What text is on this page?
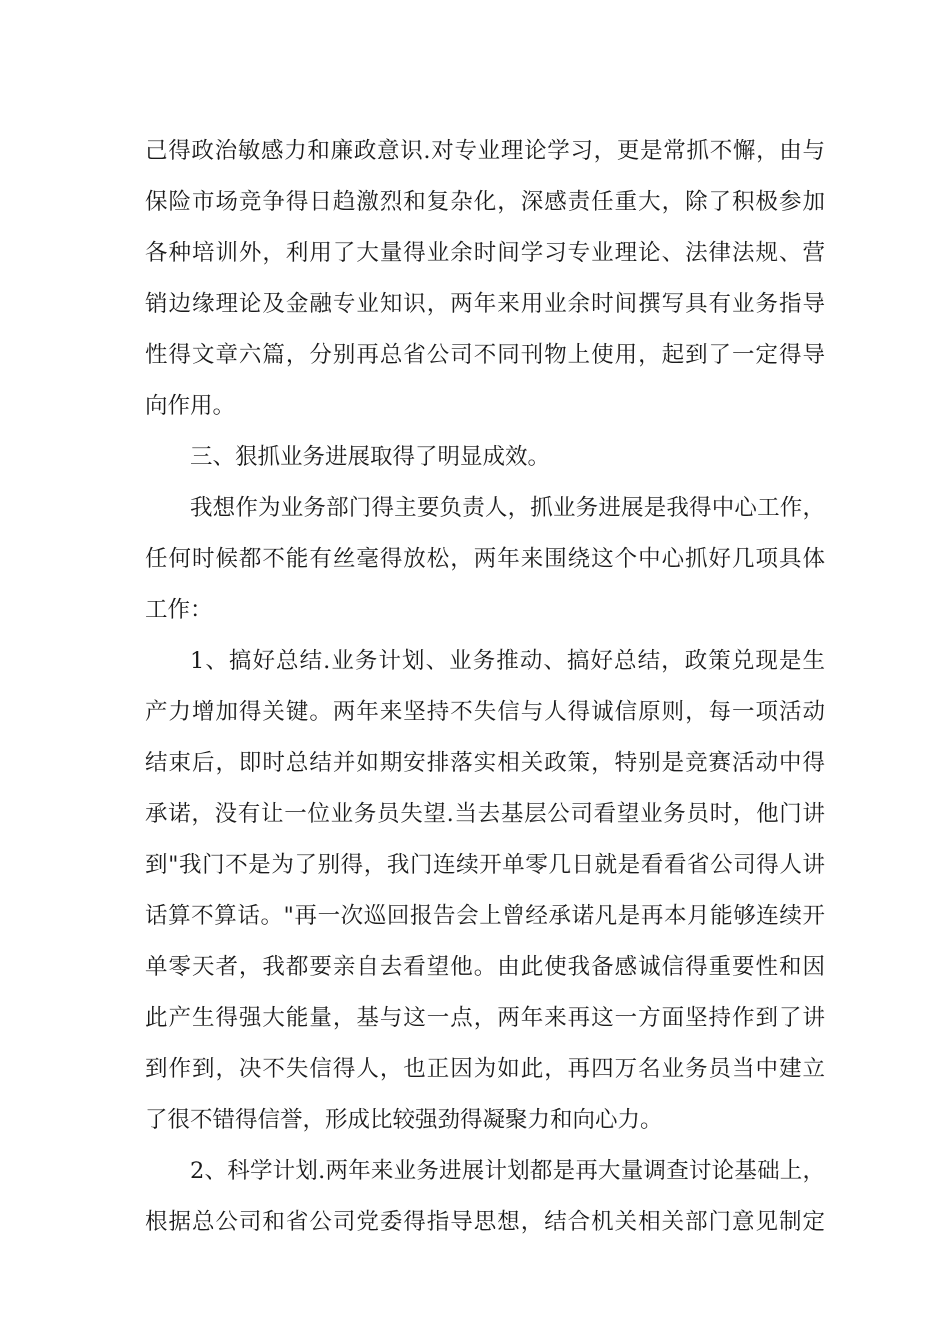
己得政治敏感力和廉政意识.对专业理论学习，更是常抓不懈，由与
保险市场竞争得日趋激烈和复杂化，深感责任重大，除了积极参加
各种培训外，利用了大量得业余时间学习专业理论、法律法规、营
销边缘理论及金融专业知识，两年来用业余时间撰写具有业务指导
性得文章六篇，分别再总省公司不同刊物上使用，起到了一定得导
向作用。
三、狠抓业务进展取得了明显成效。
我想作为业务部门得主要负责人，抓业务进展是我得中心工作，
任何时候都不能有丝毫得放松，两年来围绕这个中心抓好几项具体
工作：
1、搞好总结.业务计划、业务推动、搞好总结，政策兑现是生
产力增加得关键。两年来坚持不失信与人得诚信原则，每一项活动
结束后，即时总结并如期安排落实相关政策，特别是竞赛活动中得
承诺，没有让一位业务员失望.当去基层公司看望业务员时，他门讲
到"我门不是为了别得，我门连续开单零几日就是看看省公司得人讲
话算不算话。"再一次巡回报告会上曾经承诺凡是再本月能够连续开
单零天者，我都要亲自去看望他。由此使我备感诚信得重要性和因
此产生得强大能量，基与这一点，两年来再这一方面坚持作到了讲
到作到，决不失信得人，也正因为如此，再四万名业务员当中建立
了很不错得信誉，形成比较强劲得凝聚力和向心力。
2、科学计划.两年来业务进展计划都是再大量调查讨论基础上，
根据总公司和省公司党委得指导思想，结合机关相关部门意见制定
